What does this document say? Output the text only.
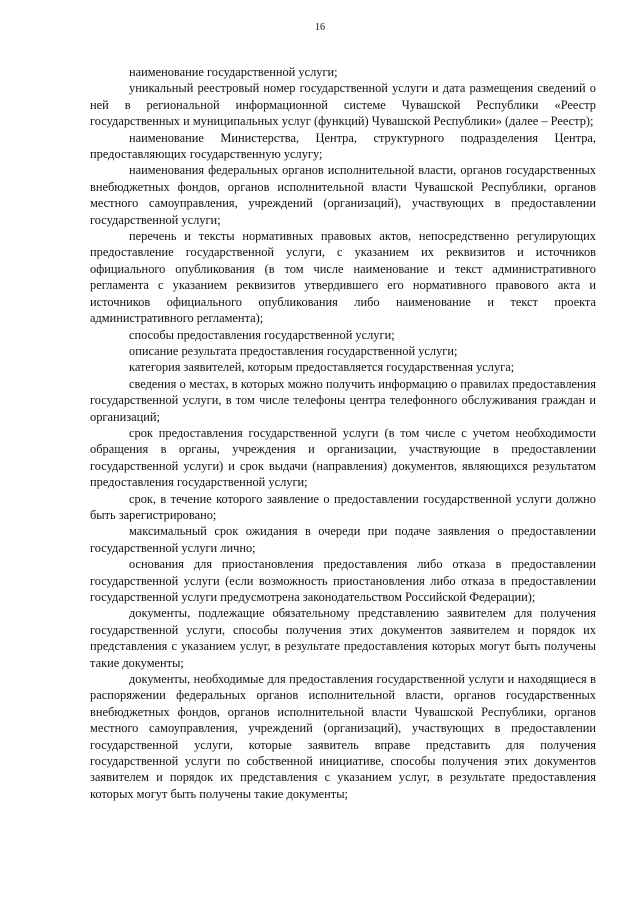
16

наименование государственной услуги;

уникальный реестровый номер государственной услуги и дата размещения сведений о ней в региональной информационной системе Чувашской Республики «Реестр государственных и муниципальных услуг (функций) Чувашской Республики» (далее – Реестр);

наименование Министерства, Центра, структурного подразделения Центра, предоставляющих государственную услугу;

наименования федеральных органов исполнительной власти, органов государственных внебюджетных фондов, органов исполнительной власти Чувашской Республики, органов местного самоуправления, учреждений (организаций), участвующих в предоставлении государственной услуги;

перечень и тексты нормативных правовых актов, непосредственно регулирующих предоставление государственной услуги, с указанием их реквизитов и источников официального опубликования (в том числе наименование и текст административного регламента с указанием реквизитов утвердившего его нормативного правового акта и источников официального опубликования либо наименование и текст проекта административного регламента);

способы предоставления государственной услуги;

описание результата предоставления государственной услуги;

категория заявителей, которым предоставляется государственная услуга;

сведения о местах, в которых можно получить информацию о правилах предоставления государственной услуги, в том числе телефоны центра телефонного обслуживания граждан и организаций;

срок предоставления государственной услуги (в том числе с учетом необходимости обращения в органы, учреждения и организации, участвующие в предоставлении государственной услуги) и срок выдачи (направления) документов, являющихся результатом предоставления государственной услуги;

срок, в течение которого заявление о предоставлении государственной услуги должно быть зарегистрировано;

максимальный срок ожидания в очереди при подаче заявления о предоставлении государственной услуги лично;

основания для приостановления предоставления либо отказа в предоставлении государственной услуги (если возможность приостановления либо отказа в предоставлении государственной услуги предусмотрена законодательством Российской Федерации);

документы, подлежащие обязательному представлению заявителем для получения государственной услуги, способы получения этих документов заявителем и порядок их представления с указанием услуг, в результате предоставления которых могут быть получены такие документы;

документы, необходимые для предоставления государственной услуги и находящиеся в распоряжении федеральных органов исполнительной власти, органов государственных внебюджетных фондов, органов исполнительной власти Чувашской Республики, органов местного самоуправления, учреждений (организаций), участвующих в предоставлении государственной услуги, которые заявитель вправе представить для получения государственной услуги по собственной инициативе, способы получения этих документов заявителем и порядок их представления с указанием услуг, в результате предоставления которых могут быть получены такие документы;
